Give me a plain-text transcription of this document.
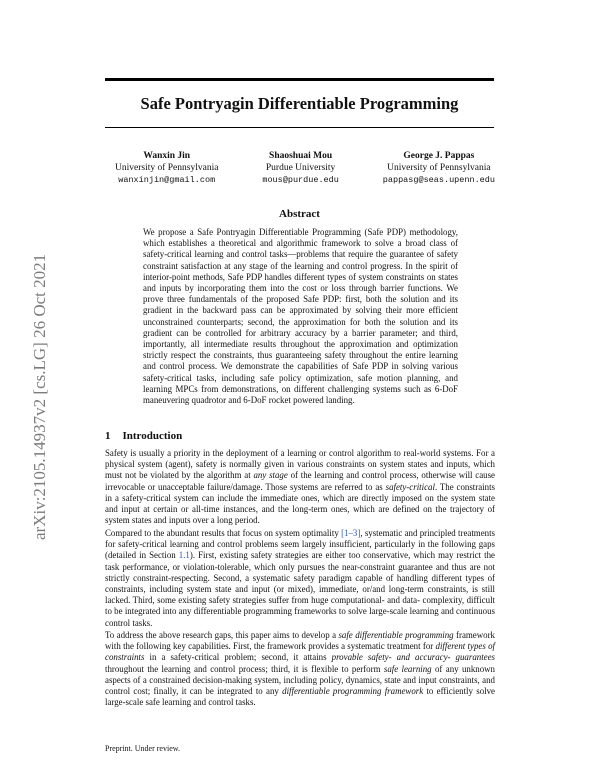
arXiv:2105.14937v2 [cs.LG] 26 Oct 2021
Safe Pontryagin Differentiable Programming
Wanxin Jin
University of Pennsylvania
wanxinjin@gmail.com
Shaoshuai Mou
Purdue University
mous@purdue.edu
George J. Pappas
University of Pennsylvania
pappasg@seas.upenn.edu
Abstract
We propose a Safe Pontryagin Differentiable Programming (Safe PDP) methodology, which establishes a theoretical and algorithmic framework to solve a broad class of safety-critical learning and control tasks—problems that require the guarantee of safety constraint satisfaction at any stage of the learning and control progress. In the spirit of interior-point methods, Safe PDP handles different types of system constraints on states and inputs by incorporating them into the cost or loss through barrier functions. We prove three fundamentals of the proposed Safe PDP: first, both the solution and its gradient in the backward pass can be approximated by solving their more efficient unconstrained counterparts; second, the approximation for both the solution and its gradient can be controlled for arbitrary accuracy by a barrier parameter; and third, importantly, all intermediate results throughout the approximation and optimization strictly respect the constraints, thus guaranteeing safety throughout the entire learning and control process. We demonstrate the capabilities of Safe PDP in solving various safety-critical tasks, including safe policy optimization, safe motion planning, and learning MPCs from demonstrations, on different challenging systems such as 6-DoF maneuvering quadrotor and 6-DoF rocket powered landing.
1 Introduction
Safety is usually a priority in the deployment of a learning or control algorithm to real-world systems. For a physical system (agent), safety is normally given in various constraints on system states and inputs, which must not be violated by the algorithm at any stage of the learning and control process, otherwise will cause irrevocable or unacceptable failure/damage. Those systems are referred to as safety-critical. The constraints in a safety-critical system can include the immediate ones, which are directly imposed on the system state and input at certain or all-time instances, and the long-term ones, which are defined on the trajectory of system states and inputs over a long period.
Compared to the abundant results that focus on system optimality [1–3], systematic and principled treatments for safety-critical learning and control problems seem largely insufficient, particularly in the following gaps (detailed in Section 1.1). First, existing safety strategies are either too conservative, which may restrict the task performance, or violation-tolerable, which only pursues the near-constraint guarantee and thus are not strictly constraint-respecting. Second, a systematic safety paradigm capable of handling different types of constraints, including system state and input (or mixed), immediate, or/and long-term constraints, is still lacked. Third, some existing safety strategies suffer from huge computational- and data- complexity, difficult to be integrated into any differentiable programming frameworks to solve large-scale learning and continuous control tasks.
To address the above research gaps, this paper aims to develop a safe differentiable programming framework with the following key capabilities. First, the framework provides a systematic treatment for different types of constraints in a safety-critical problem; second, it attains provable safety- and accuracy- guarantees throughout the learning and control process; third, it is flexible to perform safe learning of any unknown aspects of a constrained decision-making system, including policy, dynamics, state and input constraints, and control cost; finally, it can be integrated to any differentiable programming framework to efficiently solve large-scale safe learning and control tasks.
Preprint. Under review.
